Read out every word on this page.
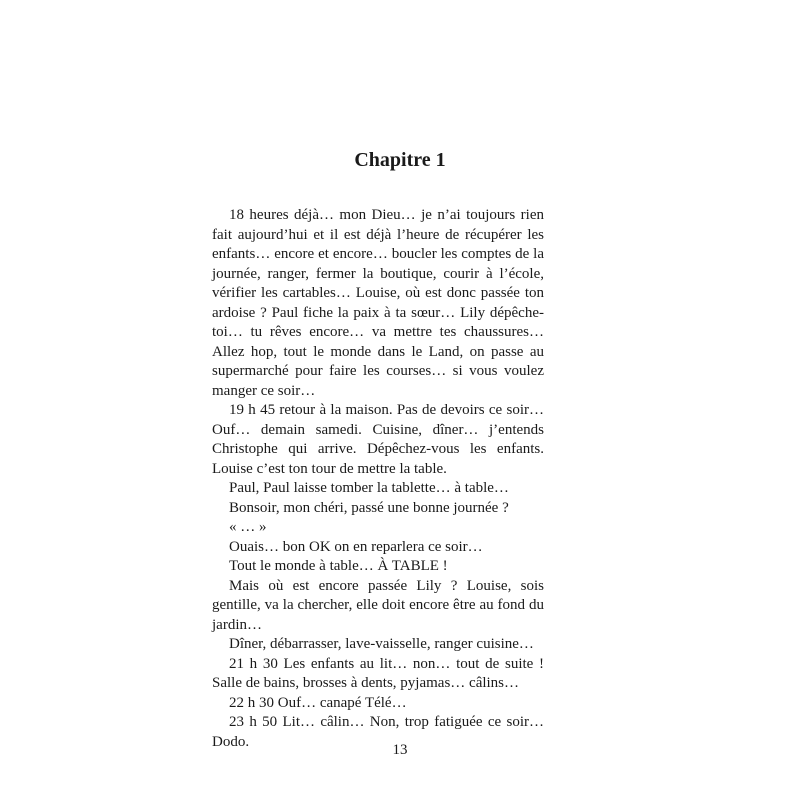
Chapitre 1

18 heures déjà… mon Dieu… je n’ai toujours rien fait aujourd’hui et il est déjà l’heure de récupérer les enfants… encore et encore… boucler les comptes de la journée, ranger, fermer la boutique, courir à l’école, vérifier les cartables… Louise, où est donc passée ton ardoise ? Paul fiche la paix à ta sœur… Lily dépêche-toi… tu rêves encore… va mettre tes chaussures… Allez hop, tout le monde dans le Land, on passe au supermarché pour faire les courses… si vous voulez manger ce soir…

19 h 45 retour à la maison. Pas de devoirs ce soir… Ouf… demain samedi. Cuisine, dîner… j’entends Christophe qui arrive. Dépêchez-vous les enfants. Louise c’est ton tour de mettre la table.

Paul, Paul laisse tomber la tablette… à table…

Bonsoir, mon chéri, passé une bonne journée ?

« … »

Ouais… bon OK on en reparlera ce soir…

Tout le monde à table… À TABLE !

Mais où est encore passée Lily ? Louise, sois gentille, va la chercher, elle doit encore être au fond du jardin…

Dîner, débarrasser, lave-vaisselle, ranger cuisine…

21 h 30 Les enfants au lit… non… tout de suite ! Salle de bains, brosses à dents, pyjamas… câlins…

22 h 30 Ouf… canapé Télé…

23 h 50 Lit… câlin… Non, trop fatiguée ce soir… Dodo.

13
